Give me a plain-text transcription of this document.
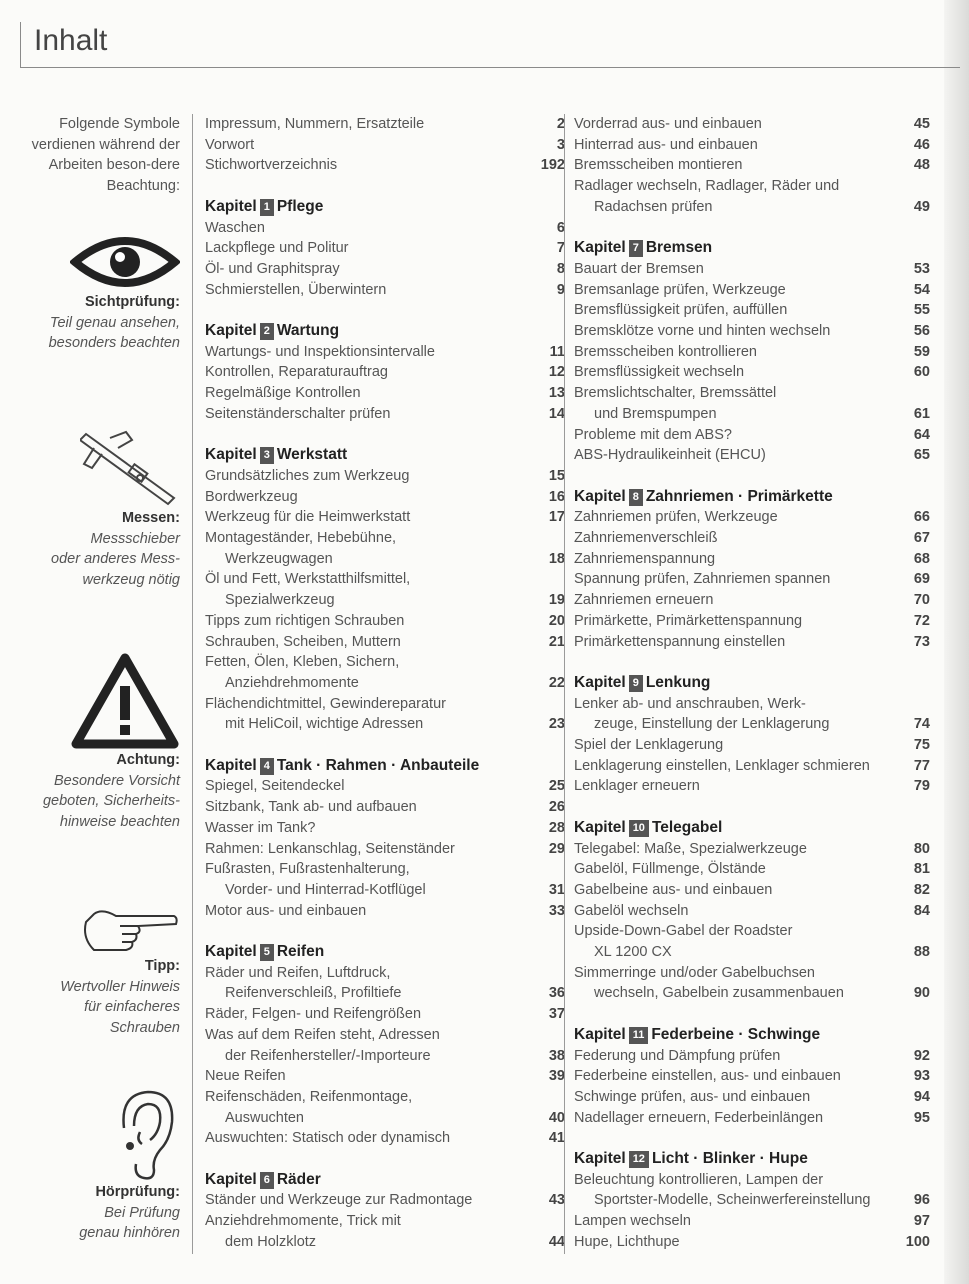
Inhalt
Folgende Symbole verdienen während der Arbeiten beson-dere Beachtung:
Sichtprüfung:
Teil genau ansehen,
besonders beachten
Messen:
Messschieber
oder anderes Mess-
werkzeug nötig
Achtung:
Besondere Vorsicht
geboten, Sicherheits-
hinweise beachten
Tipp:
Wertvoller Hinweis
für einfacheres
Schrauben
Hörprüfung:
Bei Prüfung
genau hinhören
Impressum, Nummern, Ersatzteile	2
Vorwort	3
Stichwortverzeichnis	192
Kapitel 1 Pflege
Waschen	6
Lackpflege und Politur	7
Öl- und Graphitspray	8
Schmierstellen, Überwintern	9
Kapitel 2 Wartung
Wartungs- und Inspektionsintervalle	11
Kontrollen, Reparaturauftrag	12
Regelmäßige Kontrollen	13
Seitenständerschalter prüfen	14
Kapitel 3 Werkstatt
Grundsätzliches zum Werkzeug	15
Bordwerkzeug	16
Werkzeug für die Heimwerkstatt	17
Montageständer, Hebebühne,
Werkzeugwagen	18
Öl und Fett, Werkstatthilfsmittel,
Spezialwerkzeug	19
Tipps zum richtigen Schrauben	20
Schrauben, Scheiben, Muttern	21
Fetten, Ölen, Kleben, Sichern,
Anziehdrehmomente	22
Flächendichtmittel, Gewindereparatur
mit HeliCoil, wichtige Adressen	23
Kapitel 4 Tank · Rahmen · Anbauteile
Spiegel, Seitendeckel	25
Sitzbank, Tank ab- und aufbauen	26
Wasser im Tank?	28
Rahmen: Lenkanschlag, Seitenständer	29
Fußrasten, Fußrastenhalterung,
Vorder- und Hinterrad-Kotflügel	31
Motor aus- und einbauen	33
Kapitel 5 Reifen
Räder und Reifen, Luftdruck,
Reifenverschleiß, Profiltiefe	36
Räder, Felgen- und Reifengrößen	37
Was auf dem Reifen steht, Adressen
der Reifenhersteller/-Importeure	38
Neue Reifen	39
Reifenschäden, Reifenmontage,
Auswuchten	40
Auswuchten: Statisch oder dynamisch	41
Kapitel 6 Räder
Ständer und Werkzeuge zur Radmontage	43
Anziehdrehmomente, Trick mit
dem Holzklotz	44
Vorderrad aus- und einbauen	45
Hinterrad aus- und einbauen	46
Bremsscheiben montieren	48
Radlager wechseln, Radlager, Räder und
Radachsen prüfen	49
Kapitel 7 Bremsen
Bauart der Bremsen	53
Bremsanlage prüfen, Werkzeuge	54
Bremsflüssigkeit prüfen, auffüllen	55
Bremsklötze vorne und hinten wechseln	56
Bremsscheiben kontrollieren	59
Bremsflüssigkeit wechseln	60
Bremslichtschalter, Bremssättel
und Bremspumpen	61
Probleme mit dem ABS?	64
ABS-Hydraulikeinheit (EHCU)	65
Kapitel 8 Zahnriemen · Primärkette
Zahnriemen prüfen, Werkzeuge	66
Zahnriemenverschleiß	67
Zahnriemenspannung	68
Spannung prüfen, Zahnriemen spannen	69
Zahnriemen erneuern	70
Primärkette, Primärkettenspannung	72
Primärkettenspannung einstellen	73
Kapitel 9 Lenkung
Lenker ab- und anschrauben, Werk-
zeuge, Einstellung der Lenklagerung	74
Spiel der Lenklagerung	75
Lenklagerung einstellen, Lenklager schmieren	77
Lenklager erneuern	79
Kapitel 10 Telegabel
Telegabel: Maße, Spezialwerkzeuge	80
Gabelöl, Füllmenge, Ölstände	81
Gabelbeine aus- und einbauen	82
Gabelöl wechseln	84
Upside-Down-Gabel der Roadster
XL 1200 CX	88
Simmerringe und/oder Gabelbuchsen
wechseln, Gabelbein zusammenbauen	90
Kapitel 11 Federbeine · Schwinge
Federung und Dämpfung prüfen	92
Federbeine einstellen, aus- und einbauen	93
Schwinge prüfen, aus- und einbauen	94
Nadellager erneuern, Federbeinlängen	95
Kapitel 12 Licht · Blinker · Hupe
Beleuchtung kontrollieren, Lampen der
Sportster-Modelle, Scheinwerfereinstellung	96
Lampen wechseln	97
Hupe, Lichthupe	100
